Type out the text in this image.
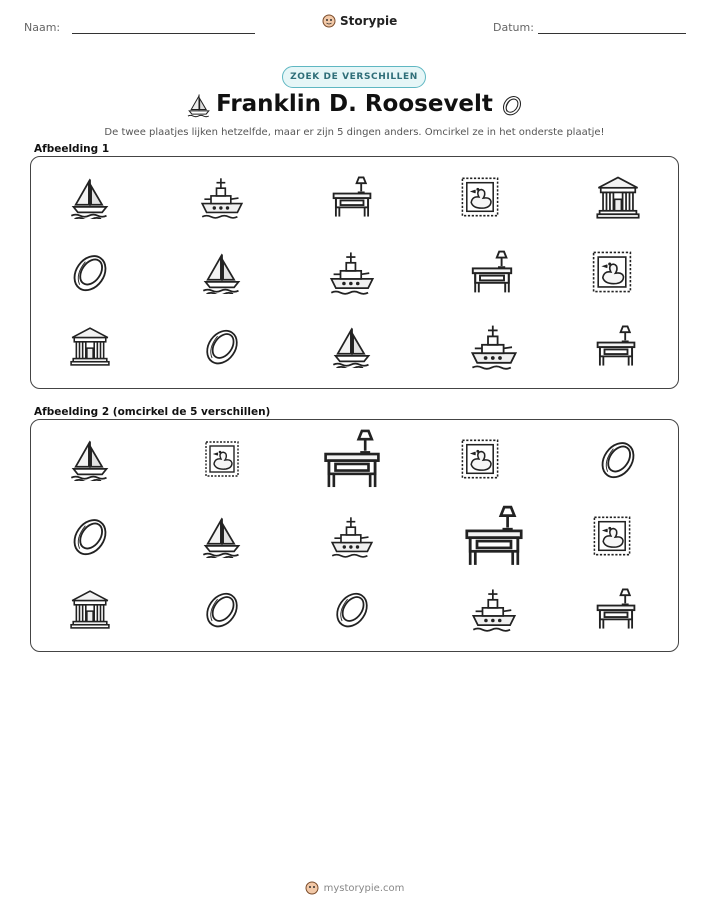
Naam:	Storypie	Datum:
ZOEK DE VERSCHILLEN
Franklin D. Roosevelt
De twee plaatjes lijken hetzelfde, maar er zijn 5 dingen anders. Omcirkel ze in het onderste plaatje!
Afbeelding 1
Afbeelding 2 (omcirkel de 5 verschillen)
mystorypie.com
